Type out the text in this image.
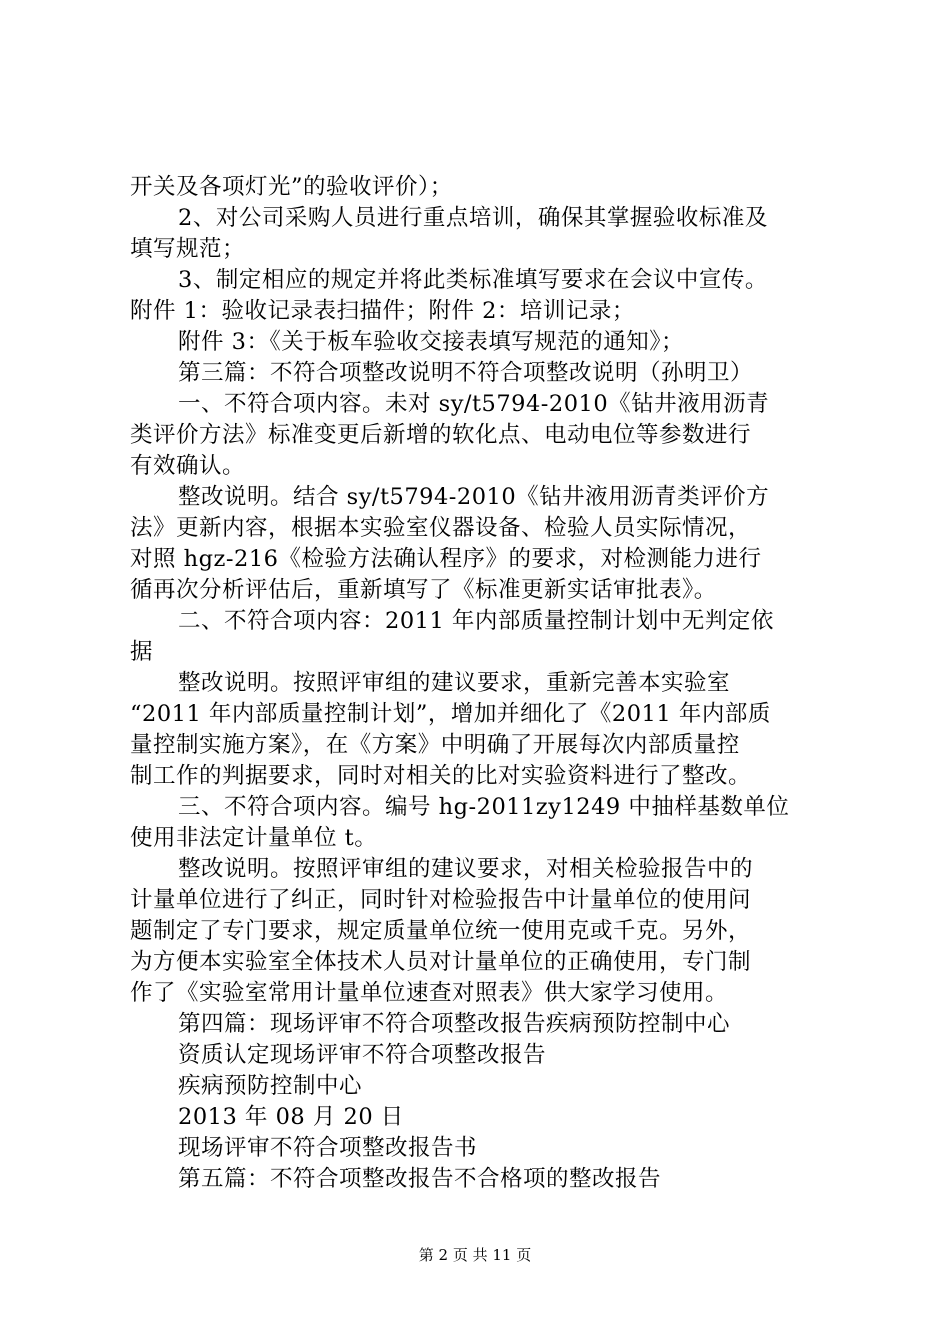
开关及各项灯光”的验收评价）；
2、对公司采购人员进行重点培训，确保其掌握验收标准及
填写规范；
3、制定相应的规定并将此类标准填写要求在会议中宣传。
附件 1：验收记录表扫描件；附件 2：培训记录；
附件 3：《关于板车验收交接表填写规范的通知》；
第三篇：不符合项整改说明不符合项整改说明（孙明卫）
一、不符合项内容。未对 sy/t5794-2010《钻井液用沥青
类评价方法》标准变更后新增的软化点、电动电位等参数进行
有效确认。
整改说明。结合 sy/t5794-2010《钻井液用沥青类评价方
法》更新内容，根据本实验室仪器设备、检验人员实际情况，
对照 hgz-216《检验方法确认程序》的要求，对检测能力进行
循再次分析评估后，重新填写了《标准更新实话审批表》。
二、不符合项内容：2011 年内部质量控制计划中无判定依
据
整改说明。按照评审组的建议要求，重新完善本实验室
“2011 年内部质量控制计划”，增加并细化了《2011 年内部质
量控制实施方案》，在《方案》中明确了开展每次内部质量控
制工作的判据要求，同时对相关的比对实验资料进行了整改。
三、不符合项内容。编号 hg-2011zy1249 中抽样基数单位
使用非法定计量单位 t。
整改说明。按照评审组的建议要求，对相关检验报告中的
计量单位进行了纠正，同时针对检验报告中计量单位的使用问
题制定了专门要求，规定质量单位统一使用克或千克。另外，
为方便本实验室全体技术人员对计量单位的正确使用，专门制
作了《实验室常用计量单位速查对照表》供大家学习使用。
第四篇：现场评审不符合项整改报告疾病预防控制中心
资质认定现场评审不符合项整改报告
疾病预防控制中心
2013 年 08 月 20 日
现场评审不符合项整改报告书
第五篇：不符合项整改报告不合格项的整改报告
第 2 页 共 11 页
